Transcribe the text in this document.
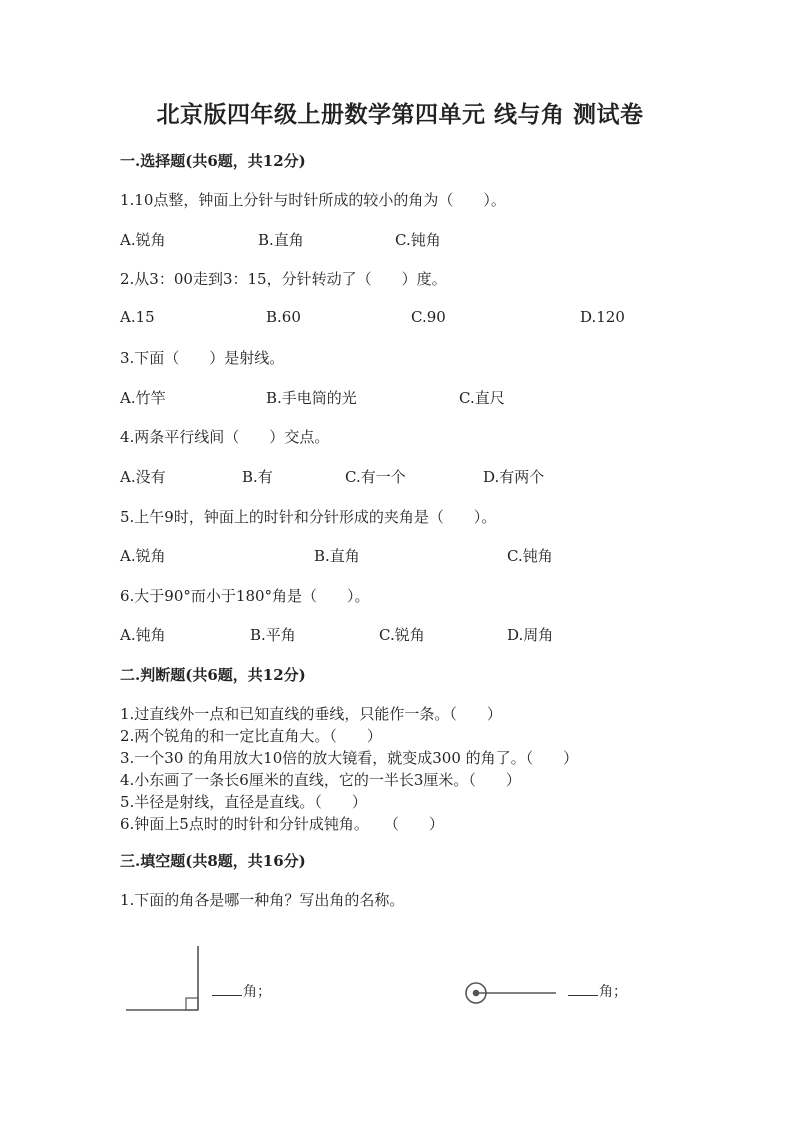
北京版四年级上册数学第四单元 线与角 测试卷
一.选择题(共6题，共12分)
1.10点整，钟面上分针与时针所成的较小的角为（　　）。
A.锐角	B.直角	C.钝角
2.从3：00走到3：15，分针转动了（　　）度。
A.15	B.60	C.90	D.120
3.下面（　　）是射线。
A.竹竿	B.手电筒的光	C.直尺
4.两条平行线间（　　）交点。
A.没有	B.有	C.有一个	D.有两个
5.上午9时，钟面上的时针和分针形成的夹角是（　　）。
A.锐角	B.直角	C.钝角
6.大于90°而小于180°角是（　　）。
A.钝角	B.平角	C.锐角	D.周角
二.判断题(共6题，共12分)
1.过直线外一点和已知直线的垂线，只能作一条。（　　）
2.两个锐角的和一定比直角大。（　　）
3.一个30 的角用放大10倍的放大镜看，就变成300 的角了。（　　）
4.小东画了一条长6厘米的直线，它的一半长3厘米。（　　）
5.半径是射线，直径是直线。（　　）
6.钟面上5点时的时针和分针成钝角。　　（　　）
三.填空题(共8题，共16分)
1.下面的角各是哪一种角？写出角的名称。
角；	角；
